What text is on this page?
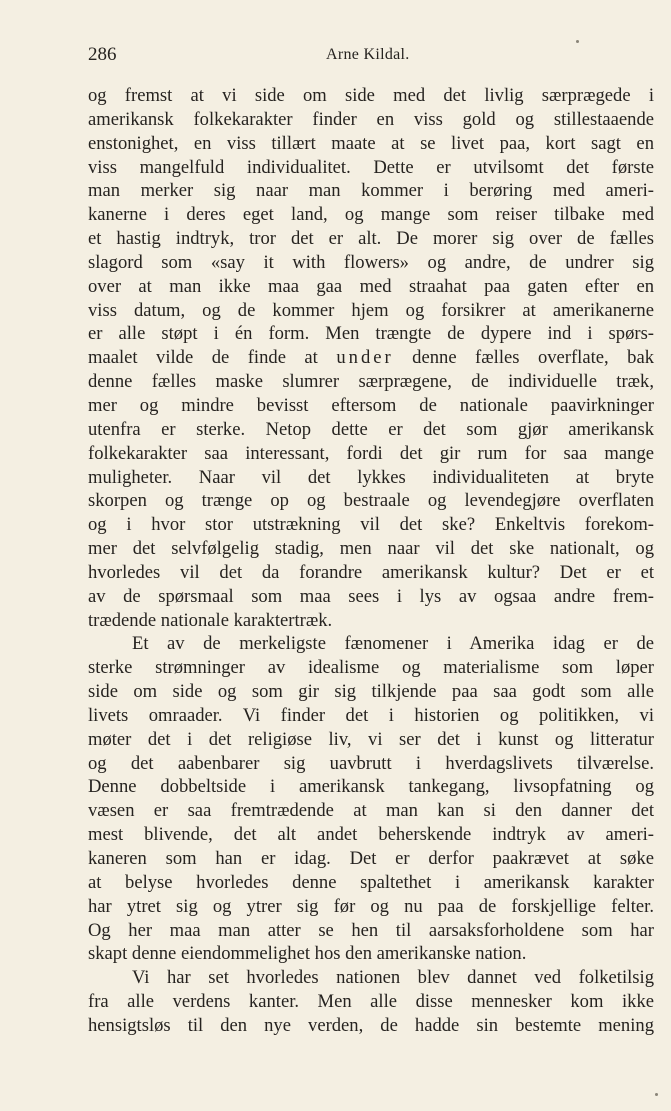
286	Arne Kildal.
og fremst at vi side om side med det livlig særprægede i
amerikansk folkekarakter finder en viss gold og stillestaaende
enstonighet, en viss tillært maate at se livet paa, kort sagt en
viss mangelfuld individualitet. Dette er utvilsomt det første
man merker sig naar man kommer i berøring med ameri-
kanerne i deres eget land, og mange som reiser tilbake med
et hastig indtryk, tror det er alt. De morer sig over de fælles
slagord som «say it with flowers» og andre, de undrer sig
over at man ikke maa gaa med straahat paa gaten efter en
viss datum, og de kommer hjem og forsikrer at amerikanerne
er alle støpt i én form. Men trængte de dypere ind i spørs-
maalet vilde de finde at under denne fælles overflate, bak
denne fælles maske slumrer særprægene, de individuelle træk,
mer og mindre bevisst eftersom de nationale paavirkninger
utenfra er sterke. Netop dette er det som gjør amerikansk
folkekarakter saa interessant, fordi det gir rum for saa mange
muligheter. Naar vil det lykkes individualiteten at bryte
skorpen og trænge op og bestraale og levendegjøre overflaten
og i hvor stor utstrækning vil det ske? Enkeltvis forekom-
mer det selvfølgelig stadig, men naar vil det ske nationalt, og
hvorledes vil det da forandre amerikansk kultur? Det er et
av de spørsmaal som maa sees i lys av ogsaa andre frem-
trædende nationale karaktertræk.
Et av de merkeligste fænomener i Amerika idag er de
sterke strømninger av idealisme og materialisme som løper
side om side og som gir sig tilkjende paa saa godt som alle
livets omraader. Vi finder det i historien og politikken, vi
møter det i det religiøse liv, vi ser det i kunst og litteratur
og det aabenbarer sig uavbrutt i hverdagslivets tilværelse.
Denne dobbeltside i amerikansk tankegang, livsopfatning og
væsen er saa fremtrædende at man kan si den danner det
mest blivende, det alt andet beherskende indtryk av ameri-
kaneren som han er idag. Det er derfor paakrævet at søke
at belyse hvorledes denne spaltethet i amerikansk karakter
har ytret sig og ytrer sig før og nu paa de forskjellige felter.
Og her maa man atter se hen til aarsaksforholdene som har
skapt denne eiendommelighet hos den amerikanske nation.
Vi har set hvorledes nationen blev dannet ved folketilsig
fra alle verdens kanter. Men alle disse mennesker kom ikke
hensigtsløs til den nye verden, de hadde sin bestemte mening
